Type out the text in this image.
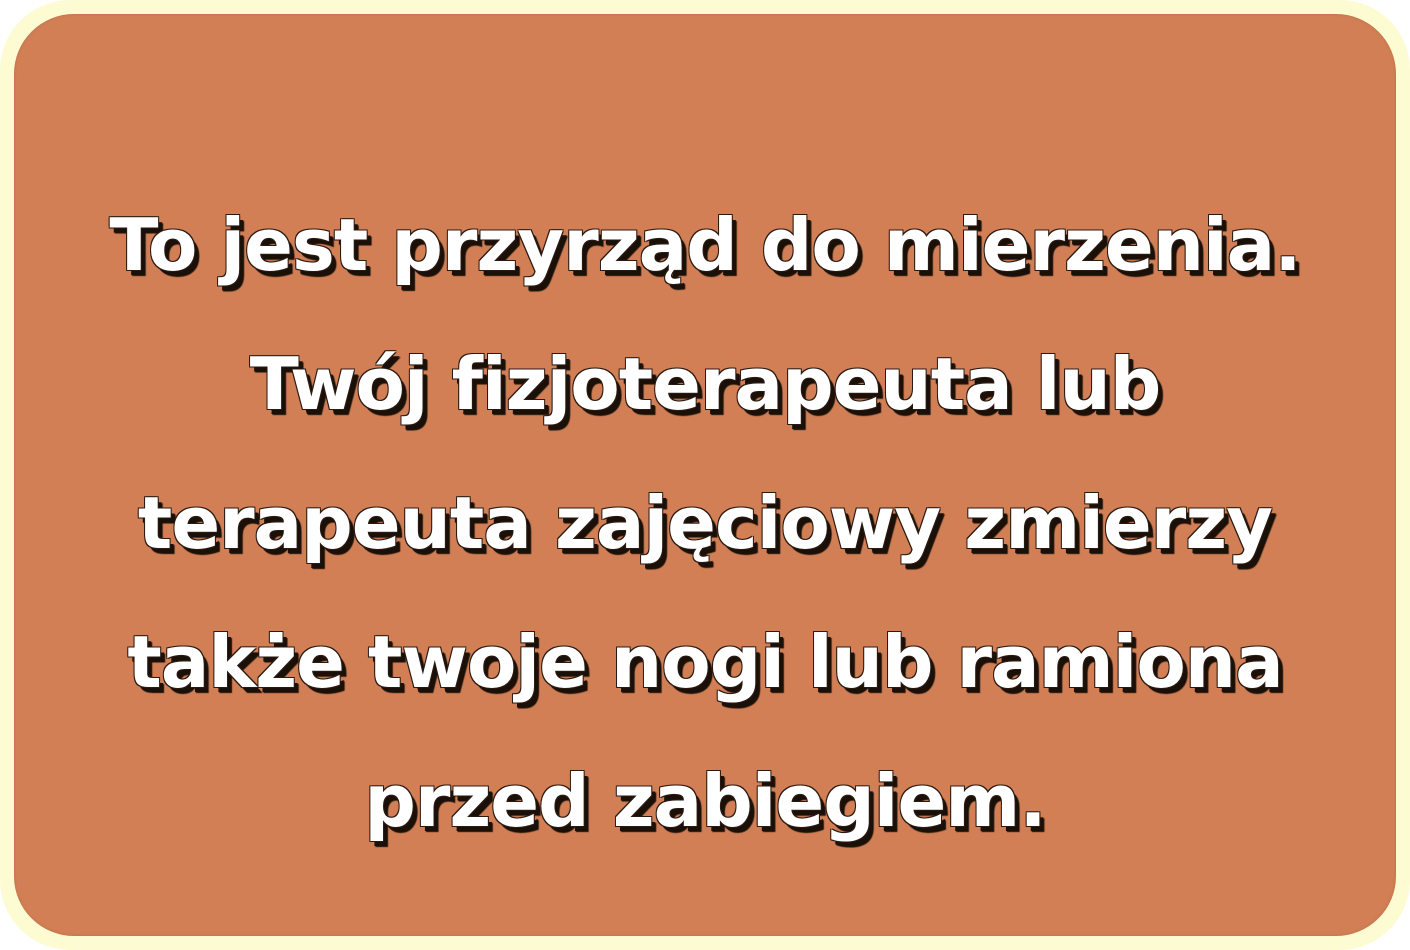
To jest przyrząd do mierzenia.
Twój fizjoterapeuta lub
terapeuta zajęciowy zmierzy
także twoje nogi lub ramiona
przed zabiegiem.
